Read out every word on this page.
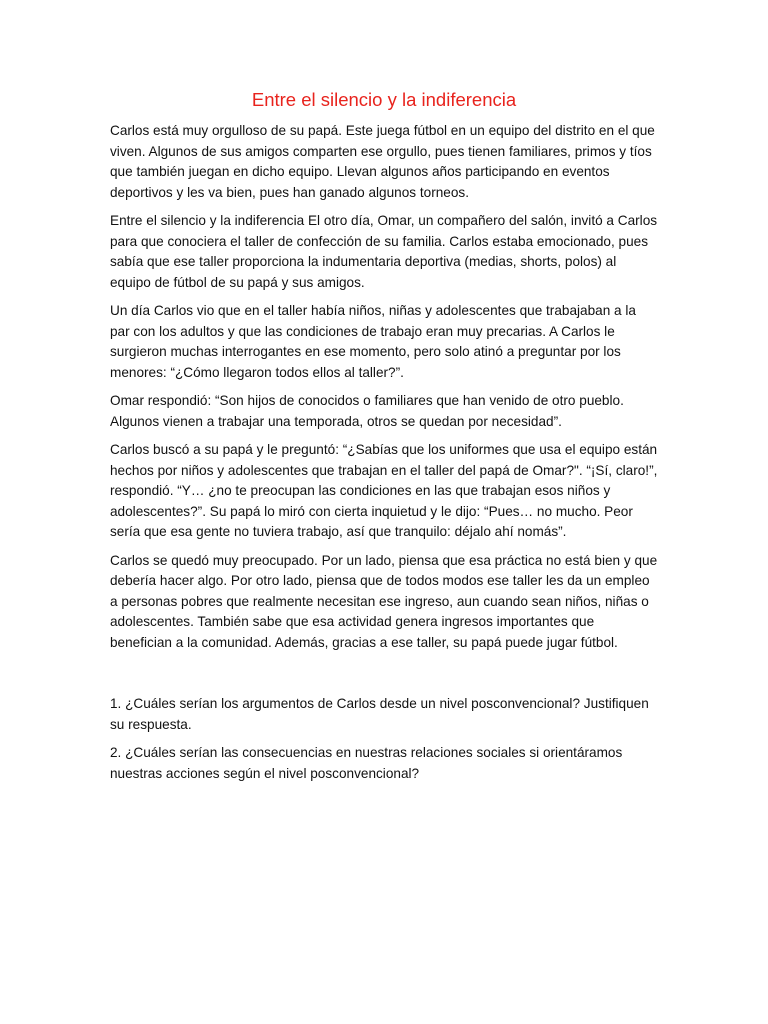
Entre el silencio y la indiferencia

Carlos está muy orgulloso de su papá. Este juega fútbol en un equipo del distrito en el que viven. Algunos de sus amigos comparten ese orgullo, pues tienen familiares, primos y tíos que también juegan en dicho equipo. Llevan algunos años participando en eventos deportivos y les va bien, pues han ganado algunos torneos.

Entre el silencio y la indiferencia El otro día, Omar, un compañero del salón, invitó a Carlos para que conociera el taller de confección de su familia. Carlos estaba emocionado, pues sabía que ese taller proporciona la indumentaria deportiva (medias, shorts, polos) al equipo de fútbol de su papá y sus amigos.

Un día Carlos vio que en el taller había niños, niñas y adolescentes que trabajaban a la par con los adultos y que las condiciones de trabajo eran muy precarias. A Carlos le surgieron muchas interrogantes en ese momento, pero solo atinó a preguntar por los menores: “¿Cómo llegaron todos ellos al taller?”.

Omar respondió: “Son hijos de conocidos o familiares que han venido de otro pueblo. Algunos vienen a trabajar una temporada, otros se quedan por necesidad”.

Carlos buscó a su papá y le preguntó: “¿Sabías que los uniformes que usa el equipo están hechos por niños y adolescentes que trabajan en el taller del papá de Omar?". “¡Sí, claro!”, respondió. “Y… ¿no te preocupan las condiciones en las que trabajan esos niños y adolescentes?”. Su papá lo miró con cierta inquietud y le dijo: “Pues… no mucho. Peor sería que esa gente no tuviera trabajo, así que tranquilo: déjalo ahí nomás”.

Carlos se quedó muy preocupado. Por un lado, piensa que esa práctica no está bien y que debería hacer algo. Por otro lado, piensa que de todos modos ese taller les da un empleo a personas pobres que realmente necesitan ese ingreso, aun cuando sean niños, niñas o adolescentes. También sabe que esa actividad genera ingresos importantes que benefician a la comunidad. Además, gracias a ese taller, su papá puede jugar fútbol.

1. ¿Cuáles serían los argumentos de Carlos desde un nivel posconvencional? Justifiquen su respuesta.

2. ¿Cuáles serían las consecuencias en nuestras relaciones sociales si orientáramos nuestras acciones según el nivel posconvencional?
